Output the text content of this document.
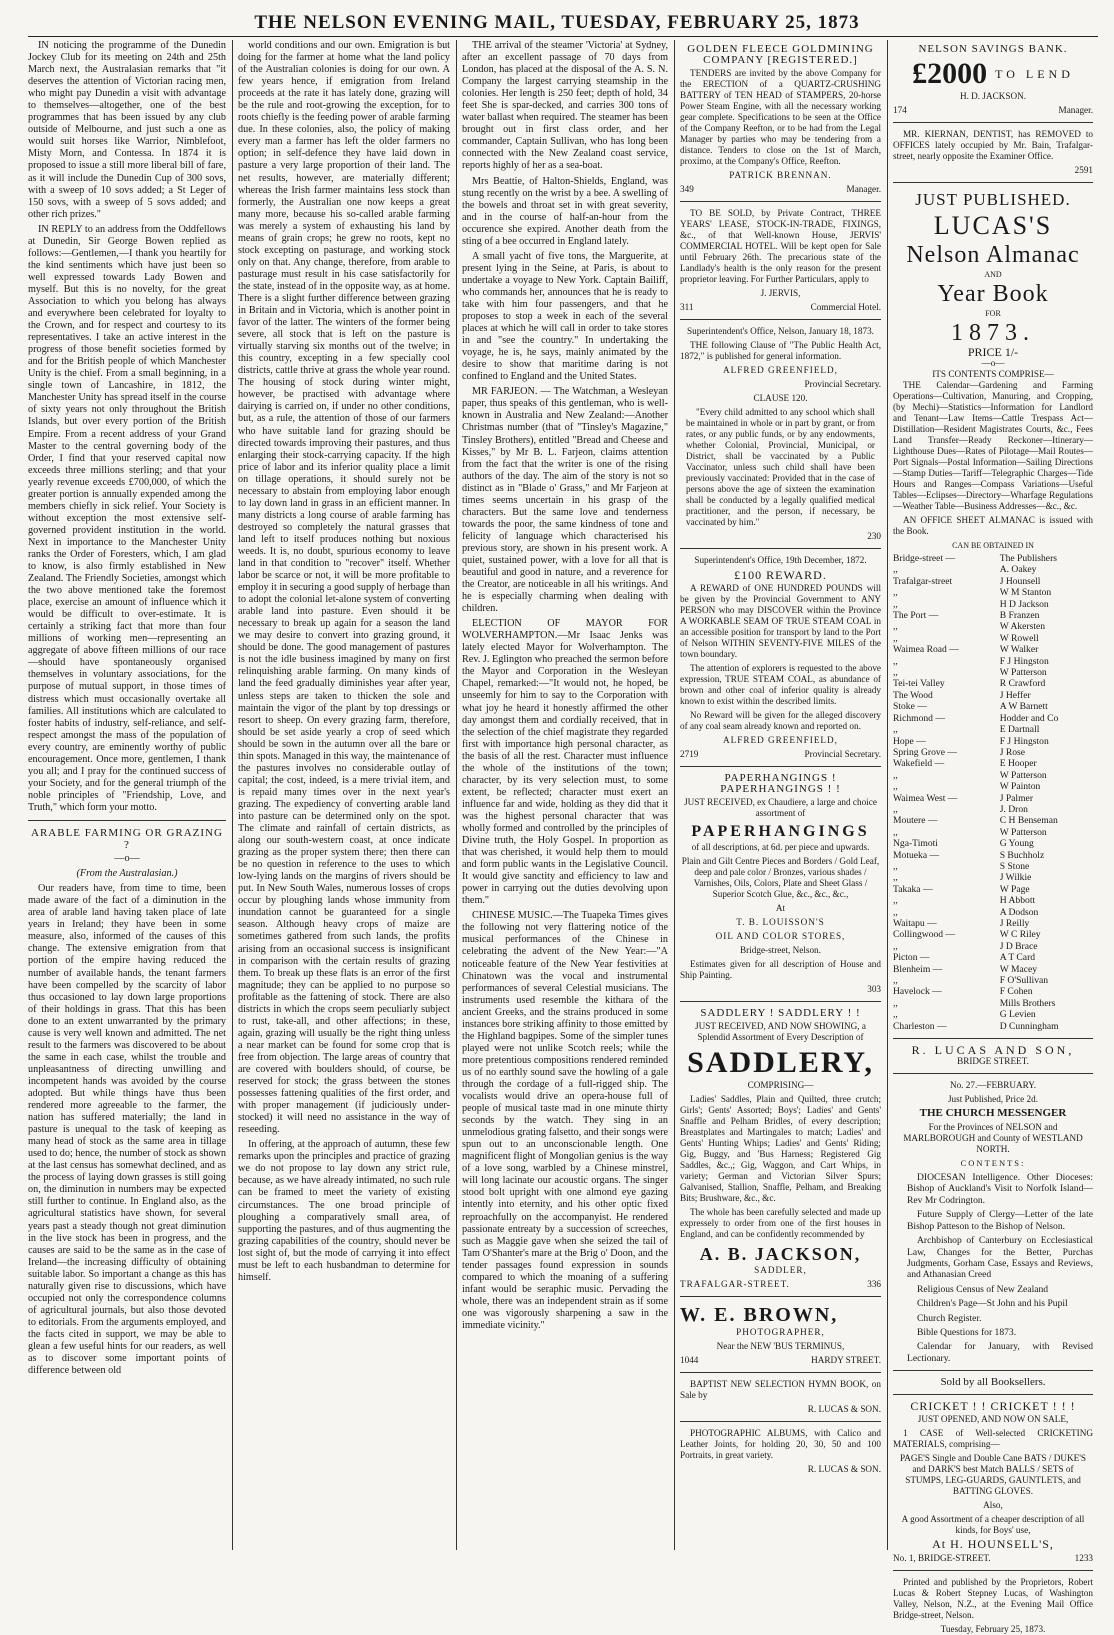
THE NELSON EVENING MAIL, TUESDAY, FEBRUARY 25, 1873

IN noticing the programme of the Dunedin Jockey Club for its meeting on 24th and 25th March next, the Australasian remarks that "it deserves the attention of Victorian racing men, who might pay Dunedin a visit with advantage to themselves—altogether, one of the best programmes that has been issued by any club outside of Melbourne, and just such a one as would suit horses like Warrior, Nimblefoot, Misty Morn, and Contessa. In 1874 it is proposed to issue a still more liberal bill of fare, as it will include the Dunedin Cup of 300 sovs, with a sweep of 10 sovs added; a St Leger of 150 sovs, with a sweep of 5 sovs added; and other rich prizes."

IN REPLY to an address from the Oddfellows at Dunedin, Sir George Bowen replied as follows:—Gentlemen,—I thank you heartily for the kind sentiments which have just been so well expressed towards Lady Bowen and myself. But this is no novelty, for the great Association to which you belong has always and everywhere been celebrated for loyalty to the Crown, and for respect and courtesy to its representatives. I take an active interest in the progress of those benefit societies formed by and for the British people of which Manchester Unity is the chief. From a small beginning, in a single town of Lancashire, in 1812, the Manchester Unity has spread itself in the course of sixty years not only throughout the British Islands, but over every portion of the British Empire. From a recent address of your Grand Master to the central governing body of the Order, I find that your reserved capital now exceeds three millions sterling; and that your yearly revenue exceeds £700,000, of which the greater portion is annually expended among the members chiefly in sick relief. Your Society is without exception the most extensive self-governed provident institution in the world. Next in importance to the Manchester Unity ranks the Order of Foresters, which, I am glad to know, is also firmly established in New Zealand. The Friendly Societies, amongst which the two above mentioned take the foremost place, exercise an amount of influence which it would be difficult to over-estimate. It is certainly a striking fact that more than four millions of working men—representing an aggregate of above fifteen millions of our race—should have spontaneously organised themselves in voluntary associations, for the purpose of mutual support, in those times of distress which must occasionally overtake all families. All institutions which are calculated to foster habits of industry, self-reliance, and self-respect amongst the mass of the population of every country, are eminently worthy of public encouragement. Once more, gentlemen, I thank you all; and I pray for the continued success of your Society, and for the general triumph of the noble principles of "Friendship, Love, and Truth," which form your motto.

ARABLE FARMING OR GRAZING ?

—o—

(From the Australasian.)

Our readers have, from time to time, been made aware of the fact of a diminution in the area of arable land having taken place of late years in Ireland; they have been in some measure, also, informed of the causes of this change. The extensive emigration from that portion of the empire having reduced the number of available hands, the tenant farmers have been compelled by the scarcity of labor thus occasioned to lay down large proportions of their holdings in grass. That this has been done to an extent unwarranted by the primary cause is very well known and admitted. The net result to the farmers was discovered to be about the same in each case, whilst the trouble and unpleasantness of directing unwilling and incompetent hands was avoided by the course adopted. But while things have thus been rendered more agreeable to the farmer, the nation has suffered materially; the land in pasture is unequal to the task of keeping as many head of stock as the same area in tillage used to do; hence, the number of stock as shown at the last census has somewhat declined, and as the process of laying down grasses is still going on, the diminution in numbers may be expected still further to continue. In England also, as the agricultural statistics have shown, for several years past a steady though not great diminution in the live stock has been in progress, and the causes are said to be the same as in the case of Ireland—the increasing difficulty of obtaining suitable labor. So important a change as this has naturally given rise to discussions, which have occupied not only the correspondence columns of agricultural journals, but also those devoted to editorials. From the arguments employed, and the facts cited in support, we may be able to glean a few useful hints for our readers, as well as to discover some important points of difference between old

world conditions and our own. Emigration is but doing for the farmer at home what the land policy of the Australian colonies is doing for our own. A few years hence, if emigration from Ireland proceeds at the rate it has lately done, grazing will be the rule and root-growing the exception, for to roots chiefly is the feeding power of arable farming due. In these colonies, also, the policy of making every man a farmer has left the older farmers no option; in self-defence they have laid down in pasture a very large proportion of their land. The net results, however, are materially different; whereas the Irish farmer maintains less stock than formerly, the Australian one now keeps a great many more, because his so-called arable farming was merely a system of exhausting his land by means of grain crops; he grew no roots, kept no stock excepting on pasturage, and working stock only on that. Any change, therefore, from arable to pasturage must result in his case satisfactorily for the state, instead of in the opposite way, as at home. There is a slight further difference between grazing in Britain and in Victoria, which is another point in favor of the latter. The winters of the former being severe, all stock that is left on the pasture is virtually starving six months out of the twelve; in this country, excepting in a few specially cool districts, cattle thrive at grass the whole year round. The housing of stock during winter might, however, be practised with advantage where dairying is carried on, if under no other conditions, but, as a rule, the attention of those of our farmers who have suitable land for grazing should be directed towards improving their pastures, and thus enlarging their stock-carrying capacity. If the high price of labor and its inferior quality place a limit on tillage operations, it should surely not be necessary to abstain from employing labor enough to lay down land in grass in an efficient manner. In many districts a long course of arable farming has destroyed so completely the natural grasses that land left to itself produces nothing but noxious weeds. It is, no doubt, spurious economy to leave land in that condition to "recover" itself. Whether labor be scarce or not, it will be more profitable to employ it in securing a good supply of herbage than to adopt the colonial let-alone system of converting arable land into pasture. Even should it be necessary to break up again for a season the land we may desire to convert into grazing ground, it should be done. The good management of pastures is not the idle business imagined by many on first relinquishing arable farming. On many kinds of land the feed gradually diminishes year after year, unless steps are taken to thicken the sole and maintain the vigor of the plant by top dressings or resort to sheep. On every grazing farm, therefore, should be set aside yearly a crop of seed which should be sown in the autumn over all the bare or thin spots. Managed in this way, the maintenance of the pastures involves no considerable outlay of capital; the cost, indeed, is a mere trivial item, and is repaid many times over in the next year's grazing. The expediency of converting arable land into pasture can be determined only on the spot. The climate and rainfall of certain districts, as along our south-western coast, at once indicate grazing as the proper system there; then there can be no question in reference to the uses to which low-lying lands on the margins of rivers should be put. In New South Wales, numerous losses of crops occur by ploughing lands whose immunity from inundation cannot be guaranteed for a single season. Although heavy crops of maize are sometimes gathered from such lands, the profits arising from an occasional success is insignificant in comparison with the certain results of grazing them. To break up these flats is an error of the first magnitude; they can be applied to no purpose so profitable as the fattening of stock. There are also districts in which the crops seem peculiarly subject to rust, take-all, and other affections; in these, again, grazing will usually be the right thing unless a near market can be found for some crop that is free from objection. The large areas of country that are covered with boulders should, of course, be reserved for stock; the grass between the stones possesses fattening qualities of the first order, and with proper management (if judiciously under-stocked) it will need no assistance in the way of reseeding.

In offering, at the approach of autumn, these few remarks upon the principles and practice of grazing we do not propose to lay down any strict rule, because, as we have already intimated, no such rule can be framed to meet the variety of existing circumstances. The one broad principle of ploughing a comparatively small area, of supporting the pastures, and of thus augmenting the grazing capabilities of the country, should never be lost sight of, but the mode of carrying it into effect must be left to each husbandman to determine for himself.

THE arrival of the steamer 'Victoria' at Sydney, after an excellent passage of 70 days from London, has placed at the disposal of the A. S. N. Company the largest carrying steamship in the colonies. Her length is 250 feet; depth of hold, 34 feet She is spar-decked, and carries 300 tons of water ballast when required. The steamer has been brought out in first class order, and her commander, Captain Sullivan, who has long been connected with the New Zealand coast service, reports highly of her as a sea-boat.

Mrs Beattie, of Halton-Shields, England, was stung recently on the wrist by a bee. A swelling of the bowels and throat set in with great severity, and in the course of half-an-hour from the occurence she expired. Another death from the sting of a bee occurred in England lately.

A small yacht of five tons, the Marguerite, at present lying in the Seine, at Paris, is about to undertake a voyage to New York. Captain Bailiff, who commands her, announces that he is ready to take with him four passengers, and that he proposes to stop a week in each of the several places at which he will call in order to take stores in and "see the country." In undertaking the voyage, he is, he says, mainly animated by the desire to show that maritime daring is not confined to England and the United States.

MR FARJEON. — The Watchman, a Wesleyan paper, thus speaks of this gentleman, who is well-known in Australia and New Zealand:—Another Christmas number (that of "Tinsley's Magazine," Tinsley Brothers), entitled "Bread and Cheese and Kisses," by Mr B. L. Farjeon, claims attention from the fact that the writer is one of the rising authors of the day. The aim of the story is not so distinct as in "Blade o' Grass," and Mr Farjeon at times seems uncertain in his grasp of the characters. But the same love and tenderness towards the poor, the same kindness of tone and felicity of language which characterised his previous story, are shown in his present work. A quiet, sustained power, with a love for all that is beautiful and good in nature, and a reverence for the Creator, are noticeable in all his writings. And he is especially charming when dealing with children.

ELECTION OF MAYOR FOR WOLVERHAMPTON.—Mr Isaac Jenks was lately elected Mayor for Wolverhampton. The Rev. J. Eglington who preached the sermon before the Mayor and Corporation in the Wesleyan Chapel, remarked:—"It would not, he hoped, be unseemly for him to say to the Corporation with what joy he heard it honestly affirmed the other day amongst them and cordially received, that in the selection of the chief magistrate they regarded first with importance high personal character, as the basis of all the rest. Character must influence the whole of the institutions of the town; character, by its very selection must, to some extent, be reflected; character must exert an influence far and wide, holding as they did that it was the highest personal character that was wholly formed and controlled by the principles of Divine truth, the Holy Gospel. In proportion as that was cherished, it would help them to mould and form public wants in the Legislative Council. It would give sanctity and efficiency to law and power in carrying out the duties devolving upon them."

CHINESE MUSIC.—The Tuapeka Times gives the following not very flattering notice of the musical performances of the Chinese in celebrating the advent of the New Year:—"A noticeable feature of the New Year festivities at Chinatown was the vocal and instrumental performances of several Celestial musicians. The instruments used resemble the kithara of the ancient Greeks, and the strains produced in some instances bore striking affinity to those emitted by the Highland bagpipes. Some of the simpler tunes played were not unlike Scotch reels; while the more pretentious compositions rendered reminded us of no earthly sound save the howling of a gale through the cordage of a full-rigged ship. The vocalists would drive an opera-house full of people of musical taste mad in one minute thirty seconds by the watch. They sing in an unmelodious grating falsetto, and their songs were spun out to an unconscionable length. One magnificent flight of Mongolian genius is the way of a love song, warbled by a Chinese minstrel, will long lacinate our acoustic organs. The singer stood bolt upright with one almond eye gazing intently into eternity, and his other optic fixed reproachfully on the accompanyist. He rendered passionate entreaty by a succession of screeches, such as Maggie gave when she seized the tail of Tam O'Shanter's mare at the Brig o' Doon, and the tender passages found expression in sounds compared to which the moaning of a suffering infant would be seraphic music. Pervading the whole, there was an independent strain as if some one was vigorously sharpening a saw in the immediate vicinity."

GOLDEN FLEECE GOLDMINING COMPANY [REGISTERED.]

TENDERS are invited by the above Company for the ERECTION of a QUARTZ-CRUSHING BATTERY of TEN HEAD of STAMPERS, 20-horse Power Steam Engine, with all the necessary working gear complete. Specifications to be seen at the Office of the Company Reefton, or to be had from the Legal Manager by parties who may be tendering from a distance. Tenders to close on the 1st of March, proximo, at the Company's Office, Reefton.

PATRICK BRENNAN.

349	Manager.

TO BE SOLD, by Private Contract, THREE YEARS' LEASE, STOCK-IN-TRADE, FIXINGS, &c., of that Well-known House, JERVIS' COMMERCIAL HOTEL. Will be kept open for Sale until February 26th. The precarious state of the Landlady's health is the only reason for the present proprietor leaving. For Further Particulars, apply to

J. JERVIS,

311	Commercial Hotel.

Superintendent's Office, Nelson, January 18, 1873.

THE following Clause of "The Public Health Act, 1872," is published for general information.

ALFRED GREENFIELD,

Provincial Secretary.

CLAUSE 120.

"Every child admitted to any school which shall be maintained in whole or in part by grant, or from rates, or any public funds, or by any endowments, whether Colonial, Provincial, Municipal, or District, shall be vaccinated by a Public Vaccinator, unless such child shall have been previously vaccinated: Provided that in the case of persons above the age of sixteen the examination shall be conducted by a legally qualified medical practitioner, and the person, if necessary, be vaccinated by him."

230

Superintendent's Office, 19th December, 1872.

£100 REWARD.

A REWARD of ONE HUNDRED POUNDS will be given by the Provincial Government to ANY PERSON who may DISCOVER within the Province A WORKABLE SEAM OF TRUE STEAM COAL in an accessible position for transport by land to the Port of Nelson WITHIN SEVENTY-FIVE MILES of the town boundary.

The attention of explorers is requested to the above expression, TRUE STEAM COAL, as abundance of brown and other coal of inferior quality is already known to exist within the described limits.

No Reward will be given for the alleged discovery of any coal seam already known and reported on.

ALFRED GREENFIELD,

2719	Provincial Secretary.
PAPERHANGINGS ! PAPERHANGINGS ! !

JUST RECEIVED, ex Chaudiere, a large and choice assortment of

PAPERHANGINGS

of all descriptions, at 6d. per piece and upwards.

Plain and Gilt Centre Pieces and Borders / Gold Leaf, deep and pale color / Bronzes, various shades / Varnishes, Oils, Colors, Plate and Sheet Glass / Superior Scotch Glue, &c., &c., &c.,

At

T. B. LOUISSON'S

OIL AND COLOR STORES,

Bridge-street, Nelson.

Estimates given for all description of House and Ship Painting.

303

SADDLERY ! SADDLERY ! !

JUST RECEIVED, AND NOW SHOWING, a Splendid Assortment of Every Description of

SADDLERY,

COMPRISING—

Ladies' Saddles, Plain and Quilted, three crutch; Girls'; Gents' Assorted; Boys'; Ladies' and Gents' Snaffle and Pelham Bridles, of every description; Breastplates and Martingales to match; Ladies' and Gents' Hunting Whips; Ladies' and Gents' Riding; Gig, Buggy, and 'Bus Harness; Registered Gig Saddles, &c.,; Gig, Waggon, and Cart Whips, in variety; German and Victorian Silver Spurs; Galvanised, Stallion, Snaffle, Pelham, and Breaking Bits; Brushware, &c., &c.

The whole has been carefully selected and made up expressely to order from one of the first houses in England, and can be confidently recommended by

A. B. JACKSON,

SADDLER,

TRAFALGAR-STREET.	336
W. E. BROWN,

PHOTOGRAPHER,

Near the NEW 'BUS TERMINUS,

1044	HARDY STREET.

BAPTIST NEW SELECTION HYMN BOOK, on Sale by

R. LUCAS & SON.

PHOTOGRAPHIC ALBUMS, with Calico and Leather Joints, for holding 20, 30, 50 and 100 Portraits, in great variety.

R. LUCAS & SON.

NELSON SAVINGS BANK.
£2000 TO LEND

H. D. JACKSON.

174	Manager.

MR. KIERNAN, DENTIST, has REMOVED to OFFICES lately occupied by Mr. Bain, Trafalgar-street, nearly opposite the Examiner Office.

2591

JUST PUBLISHED.
LUCAS'S
Nelson Almanac
AND
Year Book
FOR
1873.
PRICE 1/-
—o—
ITS CONTENTS COMPRISE—

THE Calendar—Gardening and Farming Operations—Cultivation, Manuring, and Cropping, (by Mechi)—Statistics—Information for Landlord and Tenant—Law Items—Cattle Trespass Act—Distillation—Resident Magistrates Courts, &c., Fees Land Transfer—Ready Reckoner—Itinerary—Lighthouse Dues—Rates of Pilotage—Mail Routes—Port Signals—Postal Information—Sailing Directions—Stamp Duties—Tariff—Telegraphic Charges—Tide Hours and Ranges—Compass Variations—Useful Tables—Eclipses—Directory—Wharfage Regulations—Weather Table—Business Addresses—&c., &c.

AN OFFICE SHEET ALMANAC is issued with the Book.

CAN BE OBTAINED IN
Bridge-street —	The Publishers
,,	A. Oakey
Trafalgar-street	J Hounsell
,,	W M Stanton
,,	H D Jackson
The Port —	B Franzen
,,	W Akersten
,,	W Rowell
Waimea Road —	W Walker
,,	F J Hingston
,,	W Patterson
Tei-tei Valley	R Crawford
The Wood	J Heffer
Stoke —	A W Barnett
Richmond —	Hodder and Co
,,	E Dartnall
Hope —	F J Hingston
Spring Grove —	J Rose
Wakefield —	E Hooper
,,	W Patterson
,,	W Painton
Waimea West —	J Palmer
,,	J. Dron
Moutere —	C H Benseman
,,	W Patterson
Nga-Timoti	G Young
Motueka —	S Buchholz
,,	S Stone
,,	J Wilkie
Takaka —	W Page
,,	H Abbott
,,	A Dodson
Waitapu —	J Reilly
Collingwood —	W C Riley
,,	J D Brace
Picton —	A T Card
Blenheim —	W Macey
,,	F O'Sullivan
Havelock —	F Cohen
,,	Mills Brothers
,,	G Levien
Charleston —	D Cunningham
R. LUCAS AND SON,
BRIDGE STREET.

No. 27.—FEBRUARY.

Just Published, Price 2d.

THE CHURCH MESSENGER

For the Provinces of NELSON and MARLBOROUGH and County of WESTLAND NORTH.

CONTENTS:

DIOCESAN Intelligence. Other Dioceses: Bishop of Auckland's Visit to Norfolk Island—Rev Mr Codrington.

Future Supply of Clergy—Letter of the late Bishop Patteson to the Bishop of Nelson.

Archbishop of Canterbury on Ecclesiastical Law, Changes for the Better, Purchas Judgments, Gorham Case, Essays and Reviews, and Athanasian Creed

Religious Census of New Zealand

Children's Page—St John and his Pupil

Church Register.

Bible Questions for 1873.

Calendar for January, with Revised Lectionary.

Sold by all Booksellers.

CRICKET ! ! CRICKET ! ! !

JUST OPENED, AND NOW ON SALE,

1 CASE of Well-selected CRICKETING MATERIALS, comprising—

PAGE'S Single and Double Cane BATS / DUKE'S and DARK'S best Match BALLS / SETS of STUMPS, LEG-GUARDS, GAUNTLETS, and BATTING GLOVES.

Also,

A good Assortment of a cheaper description of all kinds, for Boys' use,

At H. HOUNSELL'S,

No. 1, BRIDGE-STREET.	1233

Printed and published by the Proprietors, Robert Lucas & Robert Stepney Lucas, of Washington Valley, Nelson, N.Z., at the Evening Mail Office Bridge-street, Nelson.

Tuesday, February 25, 1873.
